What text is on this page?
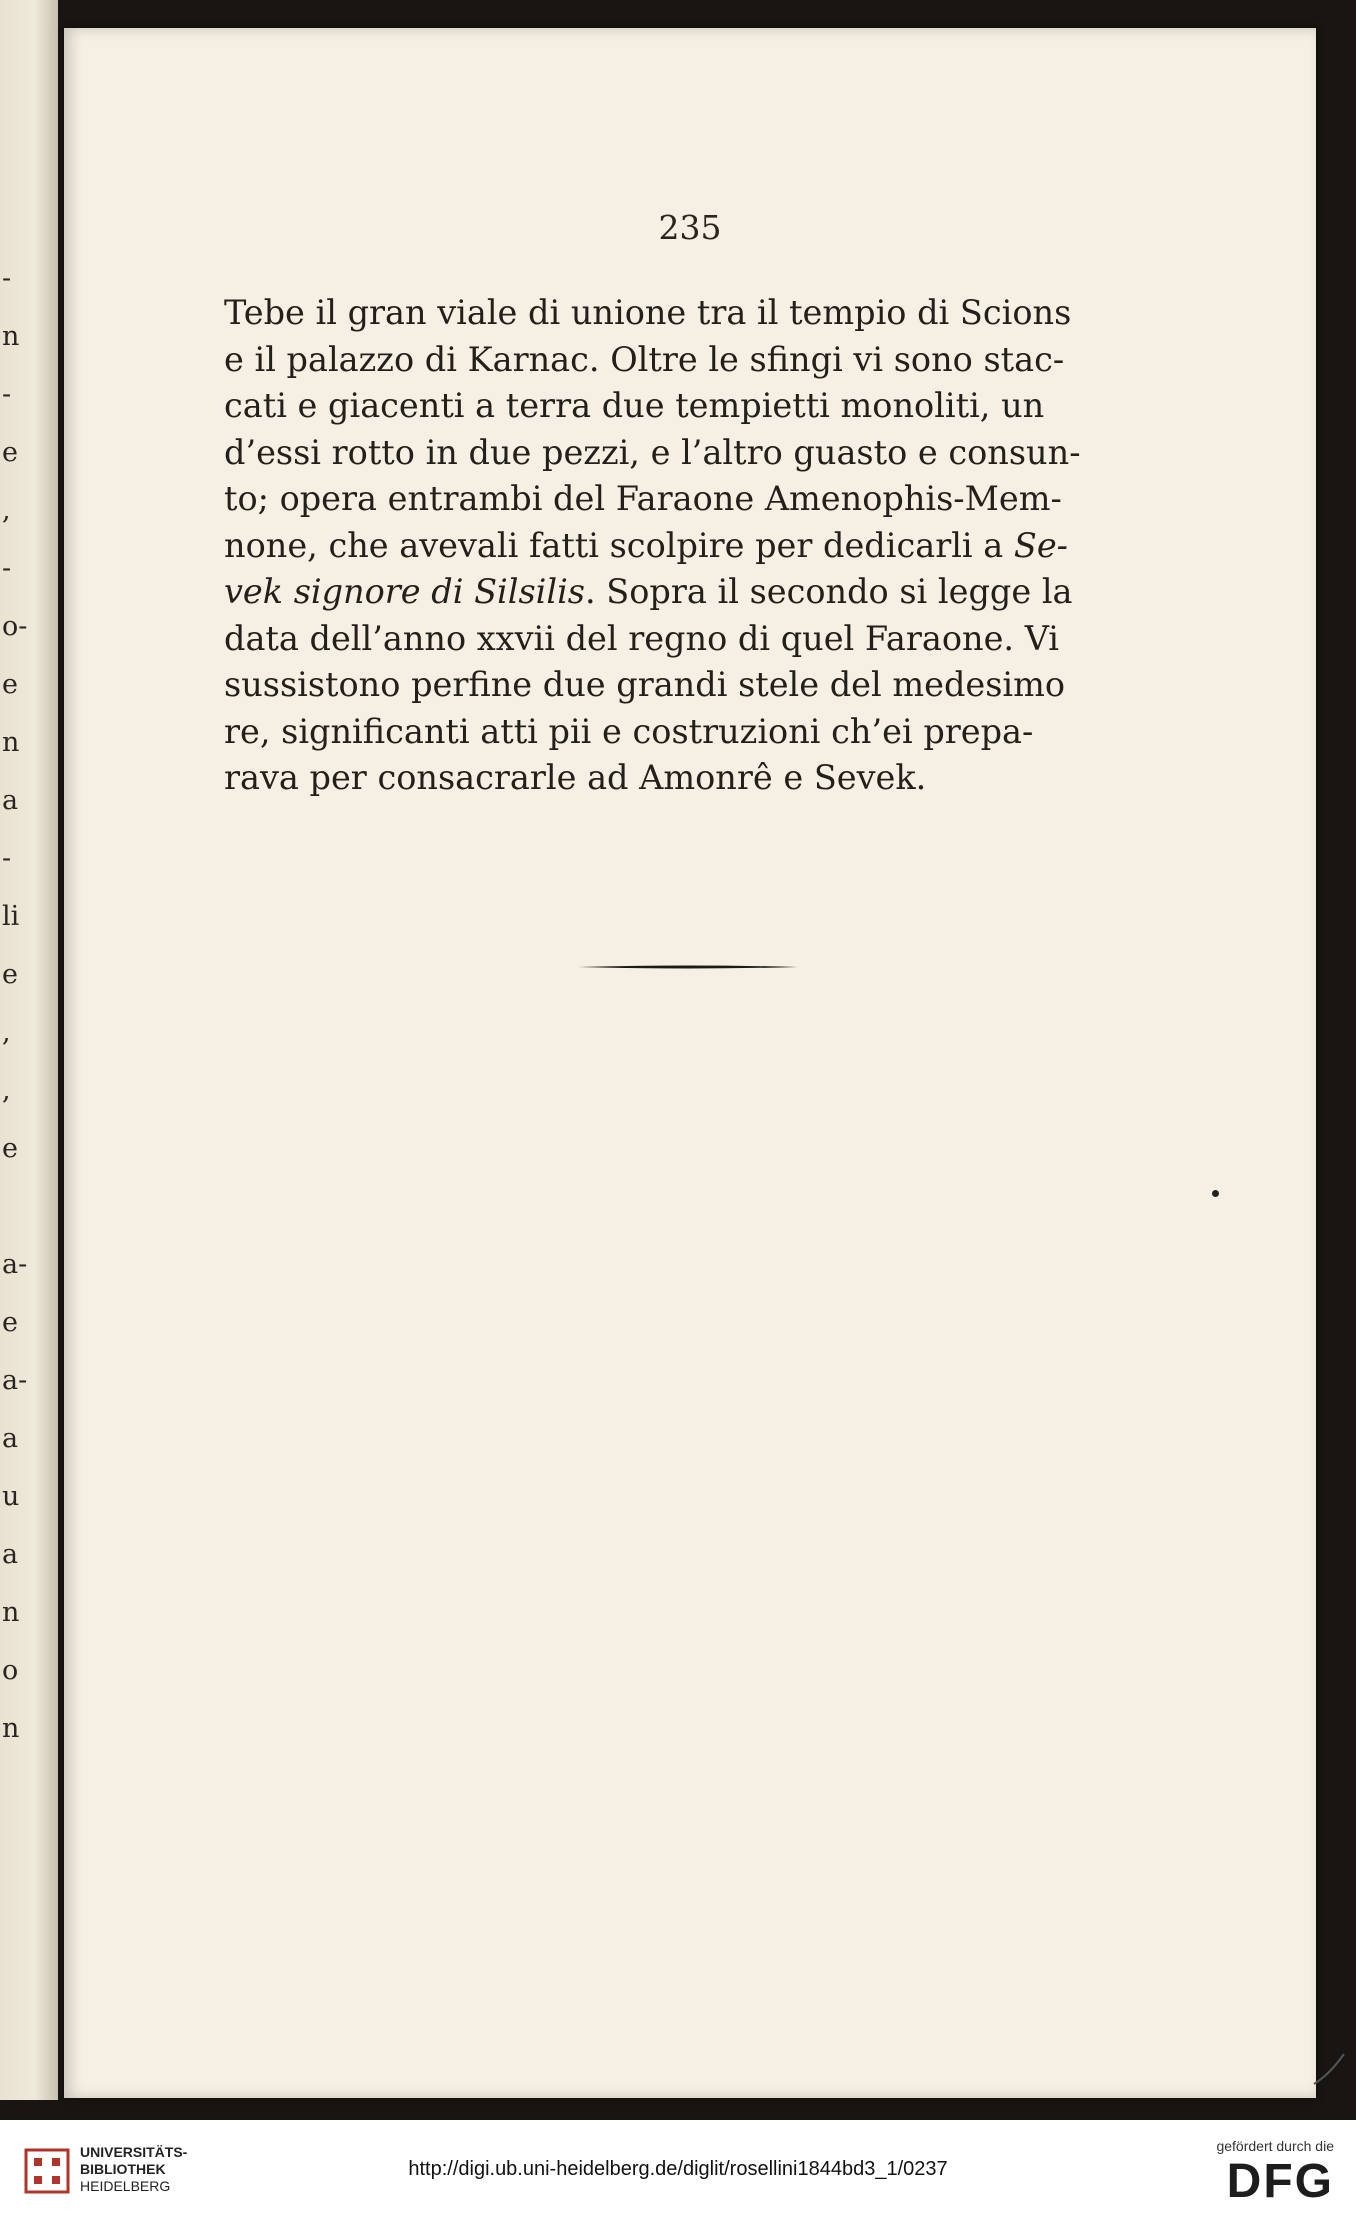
-
n
-
e
,
-
o-
e
n
a
-
li
e
,
,
e
a-
e
a-
a
u
a
n
o
n
235
Tebe il gran viale di unione tra il tempio di Scions
e il palazzo di Karnac. Oltre le sfingi vi sono stac-
cati e giacenti a terra due tempietti monoliti, un
d’essi rotto in due pezzi, e l’altro guasto e consun-
to; opera entrambi del Faraone Amenophis-Mem-
none, che avevali fatti scolpire per dedicarli a Se-
vek signore di Silsilis. Sopra il secondo si legge la
data dell’anno xxvii del regno di quel Faraone. Vi
sussistono perfine due grandi stele del medesimo
re, significanti atti pii e costruzioni ch’ei prepa-
rava per consacrarle ad Amonrê e Sevek.
UNIVERSITÄTS-
BIBLIOTHEK
HEIDELBERG
http://digi.ub.uni-heidelberg.de/diglit/rosellini1844bd3_1/0237
gefördert durch die
DFG
